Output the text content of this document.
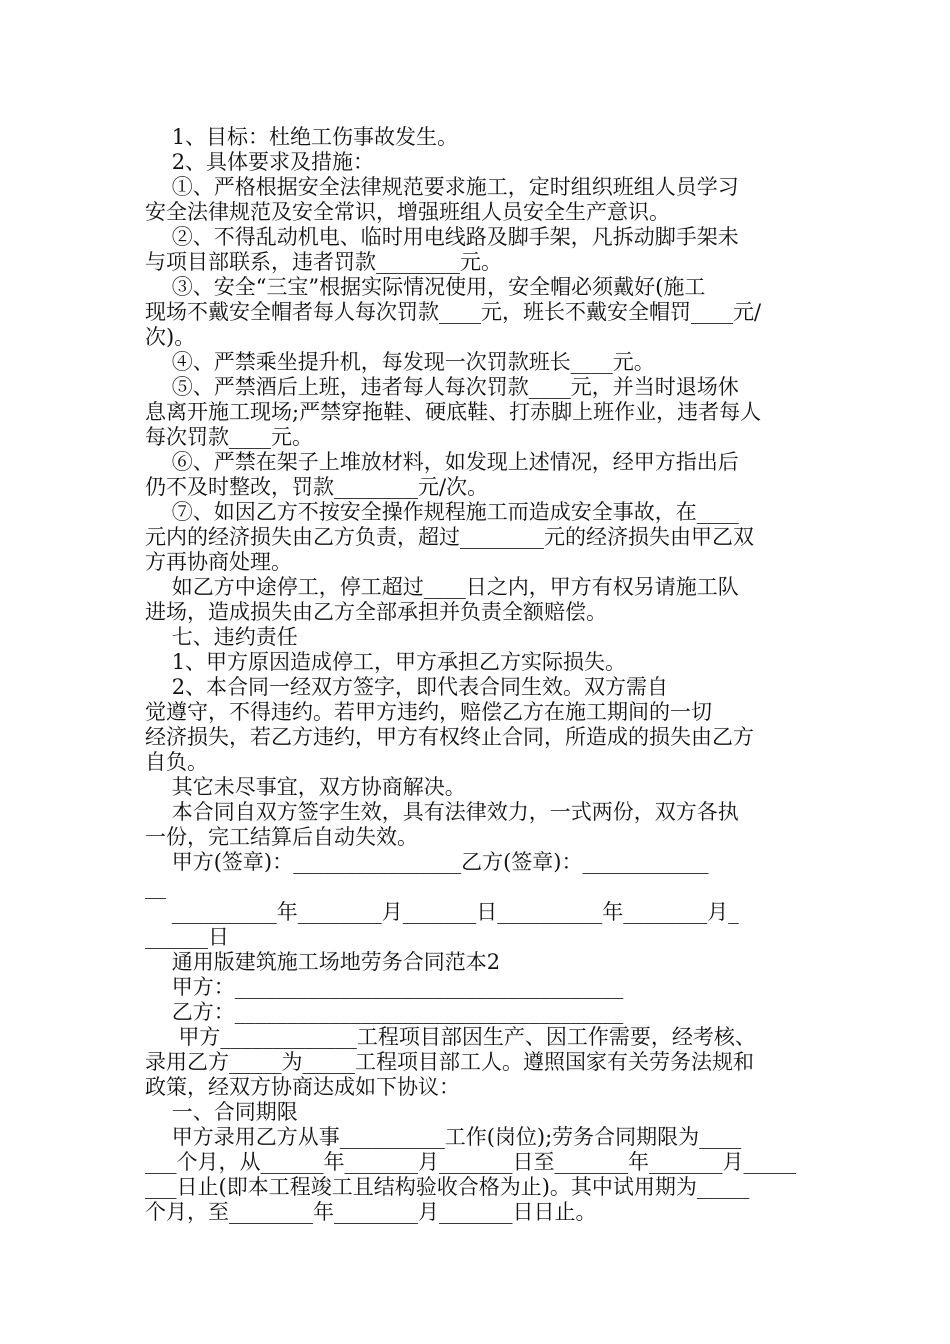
1、目标：杜绝工伤事故发生。
2、具体要求及措施：
①、严格根据安全法律规范要求施工，定时组织班组人员学习
安全法律规范及安全常识，增强班组人员安全生产意识。
②、不得乱动机电、临时用电线路及脚手架，凡拆动脚手架未
与项目部联系，违者罚款________元。
③、安全“三宝”根据实际情况使用，安全帽必须戴好(施工
现场不戴安全帽者每人每次罚款____元，班长不戴安全帽罚____元/
次)。
④、严禁乘坐提升机，每发现一次罚款班长____元。
⑤、严禁酒后上班，违者每人每次罚款____元，并当时退场休
息离开施工现场;严禁穿拖鞋、硬底鞋、打赤脚上班作业，违者每人
每次罚款____元。
⑥、严禁在架子上堆放材料，如发现上述情况，经甲方指出后
仍不及时整改，罚款________元/次。
⑦、如因乙方不按安全操作规程施工而造成安全事故，在____
元内的经济损失由乙方负责，超过________元的经济损失由甲乙双
方再协商处理。
如乙方中途停工，停工超过____日之内，甲方有权另请施工队
进场，造成损失由乙方全部承担并负责全额赔偿。
七、违约责任
1、甲方原因造成停工，甲方承担乙方实际损失。
2、本合同一经双方签字，即代表合同生效。双方需自
觉遵守，不得违约。若甲方违约，赔偿乙方在施工期间的一切
经济损失，若乙方违约，甲方有权终止合同，所造成的损失由乙方
自负。
其它未尽事宜，双方协商解决。
本合同自双方签字生效，具有法律效力，一式两份，双方各执
一份，完工结算后自动失效。
甲方(签章)：________________乙方(签章)：____________
__
__________年________月_______日__________年________月_
______日
通用版建筑施工场地劳务合同范本2
甲方：_____________________________________
乙方：_____________________________________
甲方_____________工程项目部因生产、因工作需要，经考核、
录用乙方_____为_____工程项目部工人。遵照国家有关劳务法规和
政策，经双方协商达成如下协议：
一、合同期限
甲方录用乙方从事__________工作(岗位);劳务合同期限为____
___个月，从______年_______月_______日至_______年_______月_____
___日止(即本工程竣工且结构验收合格为止)。其中试用期为_____
个月，至________年________月_______日日止。
